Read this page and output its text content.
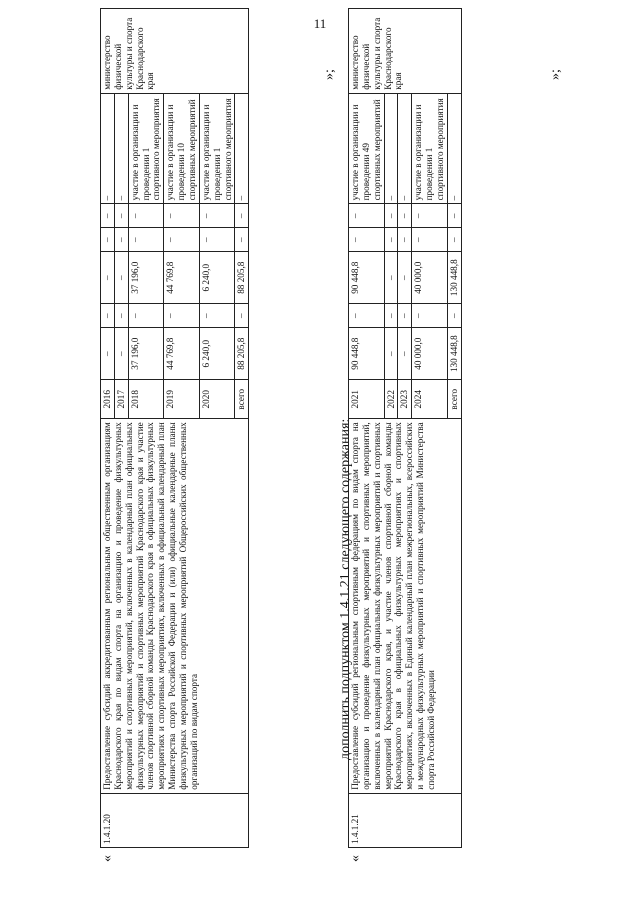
11
«
»;
1.4.1.20	Предоставление субсидий аккредитованным региональным общественным организациям Краснодарского края по видам спорта на организацию и проведение физкультурных мероприятий и спортивных мероприятий, включенных в календарный план официальных физкультурных мероприятий и спортивных мероприятий Краснодарского края и участие членов спортивной сборной команды Краснодарского края в официальных физкультурных мероприятиях и спортивных мероприятиях, включенных в официальный календарный план Министерства спорта Российской Федерации и (или) официальные календарные планы физкультурных мероприятий и спортивных мероприятий Общероссийских общественных организаций по видам спорта	2016	–	–	–	–	–	–	министерство физической культуры и спорта Краснодарского края
		2017	–	–	–	–	–	–	
		2018	37 196,0	–	37 196,0	–	–	участие в организации и проведении 1 спортивного мероприятия	
		2019	44 769,8	–	44 769,8	–	–	участие в организации и проведении 10 спортивных мероприятий	
		2020	6 240,0	–	6 240,0	–	–	участие в организации и проведении 1 спортивного мероприятия	
		всего	88 205,8	–	88 205,8	–	–	–	
дополнить подпунктом 1.4.1.21 следующего содержания:
«
»;
1.4.1.21	Предоставление субсидий региональным спортивным федерациям по видам спорта на организацию и проведение физкультурных мероприятий и спортивных мероприятий, включенных в календарный план официальных физкультурных мероприятий и спортивных мероприятий Краснодарского края, и участие членов спортивной сборной команды Краснодарского края в официальных физкультурных мероприятиях и спортивных мероприятиях, включенных в Единый календарный план межрегиональных, всероссийских и международных физкультурных мероприятий и спортивных мероприятий Министерства спорта Российской Федерации	2021	90 448,8	–	90 448,8	–	–	участие в организации и проведении 49 спортивных мероприятий	министерство физической культуры и спорта Краснодарского края
		2022	–	–	–	–	–	–	
		2023	–	–	–	–	–	–	
		2024	40 000,0	–	40 000,0	–	–	участие в организации и проведении 1 спортивного мероприятия	
		всего	130 448,8	–	130 448,8	–	–	–	
